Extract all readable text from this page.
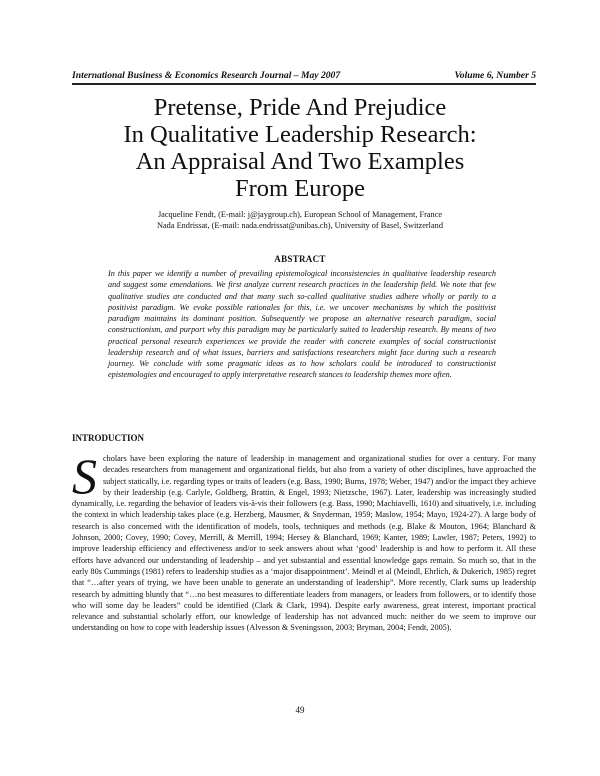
International Business & Economics Research Journal – May 2007	Volume 6, Number 5
Pretense, Pride And Prejudice
In Qualitative Leadership Research:
An Appraisal And Two Examples
From Europe
Jacqueline Fendt, (E-mail: j@jaygroup.ch), European School of Management, France
Nada Endrissat, (E-mail: nada.endrissat@unibas.ch), University of Basel, Switzerland
ABSTRACT
In this paper we identify a number of prevailing epistemological inconsistencies in qualitative leadership research and suggest some emendations. We first analyze current research practices in the leadership field. We note that few qualitative studies are conducted and that many such so-called qualitative studies adhere wholly or partly to a positivist paradigm. We evoke possible rationales for this, i.e. we uncover mechanisms by which the positivist paradigm maintains its dominant position. Subsequently we propose an alternative research paradigm, social constructionism, and purport why this paradigm may be particularly suited to leadership research. By means of two practical personal research experiences we provide the reader with concrete examples of social constructionist leadership research and of what issues, barriers and satisfactions researchers might face during such a research journey. We conclude with some pragmatic ideas as to how scholars could be introduced to constructionist epistemologies and encouraged to apply interpretative research stances to leadership themes more often.
INTRODUCTION
S cholars have been exploring the nature of leadership in management and organizational studies for over a century. For many decades researchers from management and organizational fields, but also from a variety of other disciplines, have approached the subject statically, i.e. regarding types or traits of leaders (e.g. Bass, 1990; Burns, 1978; Weber, 1947) and/or the impact they achieve by their leadership (e.g. Carlyle, Goldberg, Brattin, & Engel, 1993; Nietzsche, 1967). Later, leadership was increasingly studied dynamically, i.e. regarding the behavior of leaders vis-à-vis their followers (e.g. Bass, 1990; Machiavelli, 1610) and situatively, i.e. including the context in which leadership takes place (e.g. Herzberg, Mausmer, & Snyderman, 1959; Maslow, 1954; Mayo, 1924-27). A large body of research is also concerned with the identification of models, tools, techniques and methods (e.g. Blake & Mouton, 1964; Blanchard & Johnson, 2000; Covey, 1990; Covey, Merrill, & Merrill, 1994; Hersey & Blanchard, 1969; Kanter, 1989; Lawler, 1987; Peters, 1992) to improve leadership efficiency and effectiveness and/or to seek answers about what ‘good’ leadership is and how to perform it. All these efforts have advanced our understanding of leadership – and yet substantial and essential knowledge gaps remain. So much so, that in the early 80s Cummings (1981) refers to leadership studies as a ‘major disappointment’. Meindl et al (Meindl, Ehrlich, & Dukerich, 1985) regret that “…after years of trying, we have been unable to generate an understanding of leadership”. More recently, Clark sums up leadership research by admitting bluntly that “…no best measures to differentiate leaders from managers, or leaders from followers, or to identify those who will some day be leaders” could be identified (Clark & Clark, 1994). Despite early awareness, great interest, important practical relevance and substantial scholarly effort, our knowledge of leadership has not advanced much: neither do we seem to improve our understanding on how to cope with leadership issues (Alvesson & Sveningsson, 2003; Bryman, 2004; Fendt, 2005).
49
